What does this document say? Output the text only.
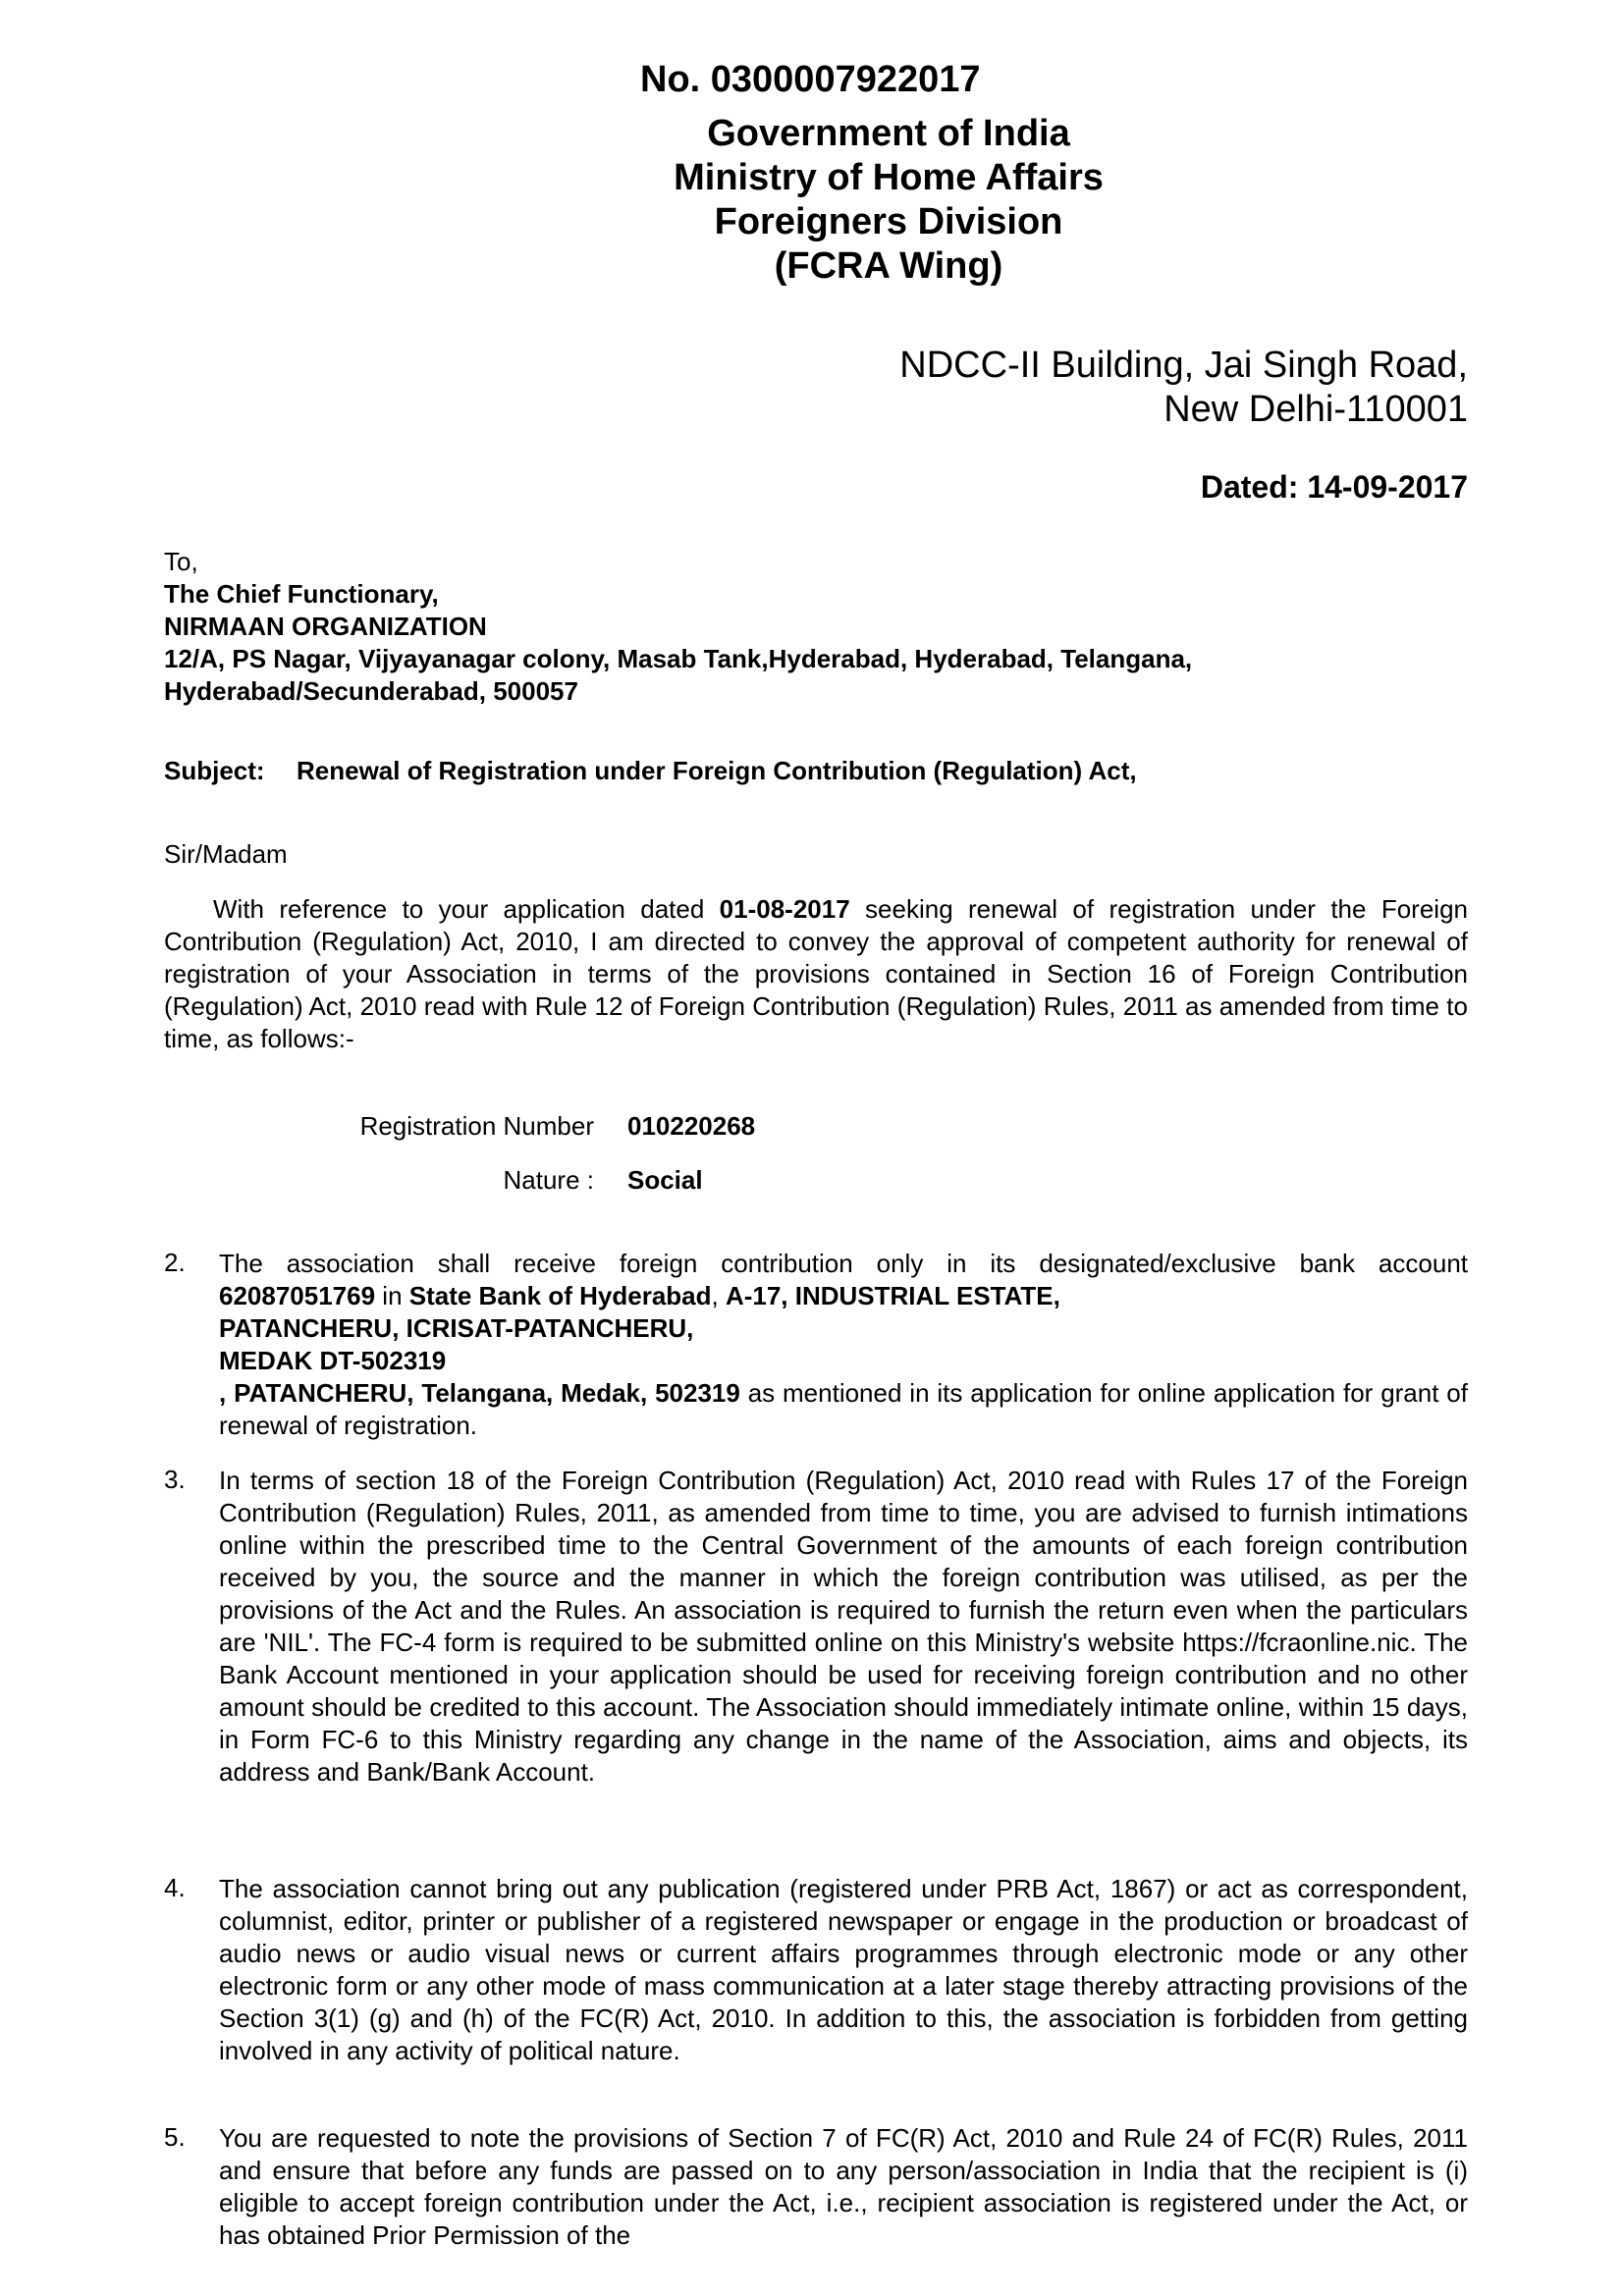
No. 0300007922017
Government of India
Ministry of Home Affairs
Foreigners Division
(FCRA Wing)
NDCC-II Building, Jai Singh Road,
New Delhi-110001
Dated: 14-09-2017
To,
The Chief Functionary,
NIRMAAN ORGANIZATION
12/A, PS Nagar, Vijyayanagar colony, Masab Tank,Hyderabad, Hyderabad, Telangana,
Hyderabad/Secunderabad, 500057
Subject: Renewal of Registration under Foreign Contribution (Regulation) Act,
Sir/Madam
With reference to your application dated 01-08-2017 seeking renewal of registration under the Foreign Contribution (Regulation) Act, 2010, I am directed to convey the approval of competent authority for renewal of registration of your Association in terms of the provisions contained in Section 16 of Foreign Contribution (Regulation) Act, 2010 read with Rule 12 of Foreign Contribution (Regulation) Rules, 2011 as amended from time to time, as follows:-
Registration Number 010220268
Nature : Social
2. The association shall receive foreign contribution only in its designated/exclusive bank account
62087051769 in State Bank of Hyderabad, A-17, INDUSTRIAL ESTATE,
PATANCHERU, ICRISAT-PATANCHERU,
MEDAK DT-502319
, PATANCHERU, Telangana, Medak, 502319 as mentioned in its application for online application for grant of renewal of registration.
3. In terms of section 18 of the Foreign Contribution (Regulation) Act, 2010 read with Rules 17 of the Foreign Contribution (Regulation) Rules, 2011, as amended from time to time, you are advised to furnish intimations online within the prescribed time to the Central Government of the amounts of each foreign contribution received by you, the source and the manner in which the foreign contribution was utilised, as per the provisions of the Act and the Rules. An association is required to furnish the return even when the particulars are 'NIL'. The FC-4 form is required to be submitted online on this Ministry's website https://fcraonline.nic. The Bank Account mentioned in your application should be used for receiving foreign contribution and no other amount should be credited to this account. The Association should immediately intimate online, within 15 days, in Form FC-6 to this Ministry regarding any change in the name of the Association, aims and objects, its address and Bank/Bank Account.
4. The association cannot bring out any publication (registered under PRB Act, 1867) or act as correspondent, columnist, editor, printer or publisher of a registered newspaper or engage in the production or broadcast of audio news or audio visual news or current affairs programmes through electronic mode or any other electronic form or any other mode of mass communication at a later stage thereby attracting provisions of the Section 3(1) (g) and (h) of the FC(R) Act, 2010. In addition to this, the association is forbidden from getting involved in any activity of political nature.
5. You are requested to note the provisions of Section 7 of FC(R) Act, 2010 and Rule 24 of FC(R) Rules, 2011 and ensure that before any funds are passed on to any person/association in India that the recipient is (i) eligible to accept foreign contribution under the Act, i.e., recipient association is registered under the Act, or has obtained Prior Permission of the
